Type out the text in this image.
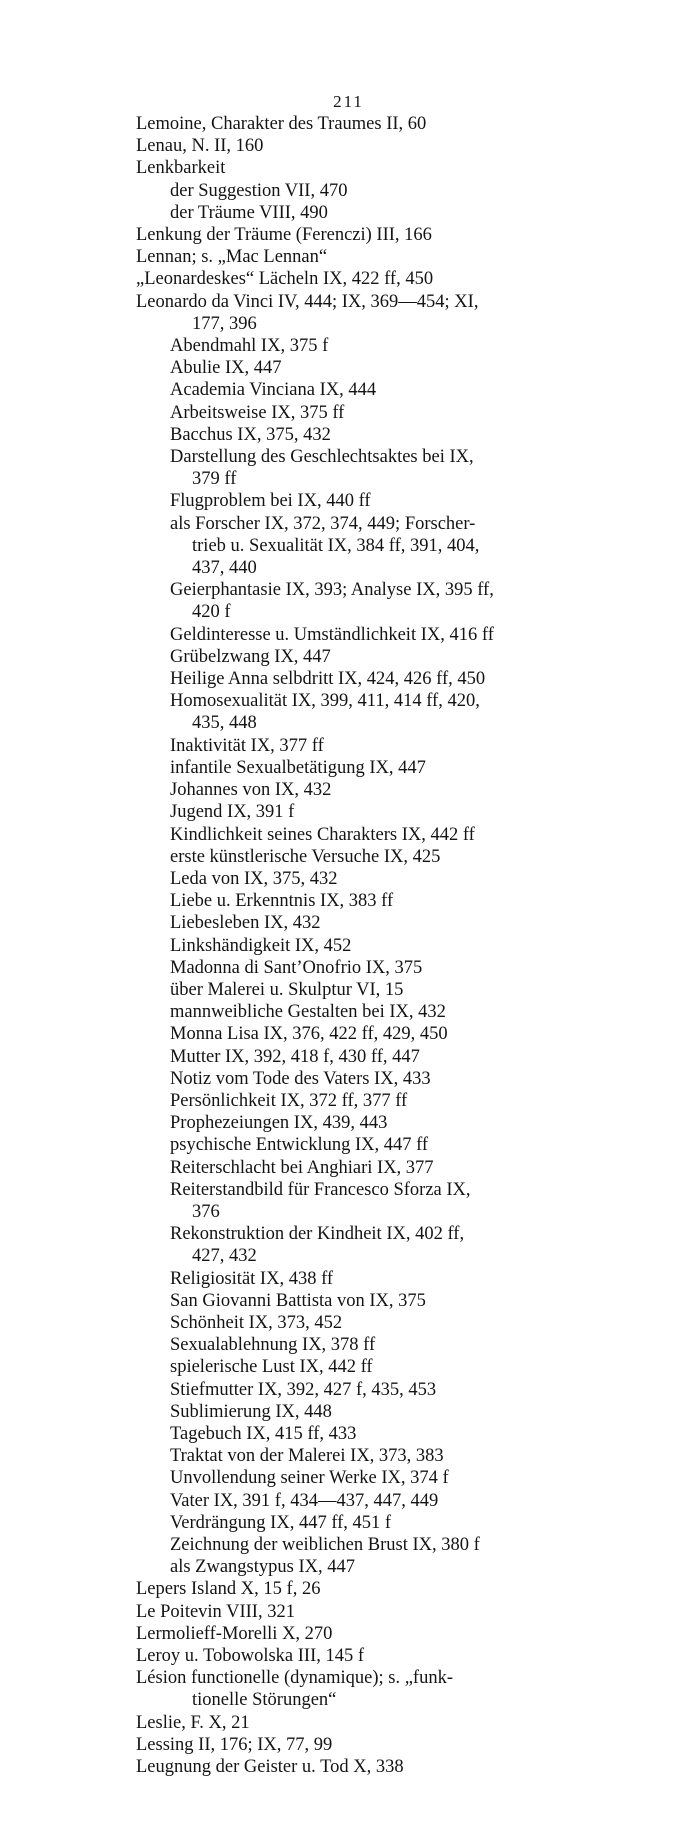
211
Lemoine, Charakter des Traumes II, 60
Lenau, N. II, 160
Lenkbarkeit
der Suggestion VII, 470
der Träume VIII, 490
Lenkung der Träume (Ferenczi) III, 166
Lennan; s. „Mac Lennan“
„Leonardeskes“ Lächeln IX, 422 ff, 450
Leonardo da Vinci IV, 444; IX, 369—454; XI,
177, 396
Abendmahl IX, 375 f
Abulie IX, 447
Academia Vinciana IX, 444
Arbeitsweise IX, 375 ff
Bacchus IX, 375, 432
Darstellung des Geschlechtsaktes bei IX,
379 ff
Flugproblem bei IX, 440 ff
als Forscher IX, 372, 374, 449; Forscher-
trieb u. Sexualität IX, 384 ff, 391, 404,
437, 440
Geierphantasie IX, 393; Analyse IX, 395 ff,
420 f
Geldinteresse u. Umständlichkeit IX, 416 ff
Grübelzwang IX, 447
Heilige Anna selbdritt IX, 424, 426 ff, 450
Homosexualität IX, 399, 411, 414 ff, 420,
435, 448
Inaktivität IX, 377 ff
infantile Sexualbetätigung IX, 447
Johannes von IX, 432
Jugend IX, 391 f
Kindlichkeit seines Charakters IX, 442 ff
erste künstlerische Versuche IX, 425
Leda von IX, 375, 432
Liebe u. Erkenntnis IX, 383 ff
Liebesleben IX, 432
Linkshändigkeit IX, 452
Madonna di Sant’Onofrio IX, 375
über Malerei u. Skulptur VI, 15
mannweibliche Gestalten bei IX, 432
Monna Lisa IX, 376, 422 ff, 429, 450
Mutter IX, 392, 418 f, 430 ff, 447
Notiz vom Tode des Vaters IX, 433
Persönlichkeit IX, 372 ff, 377 ff
Prophezeiungen IX, 439, 443
psychische Entwicklung IX, 447 ff
Reiterschlacht bei Anghiari IX, 377
Reiterstandbild für Francesco Sforza IX,
376
Rekonstruktion der Kindheit IX, 402 ff,
427, 432
Religiosität IX, 438 ff
San Giovanni Battista von IX, 375
Schönheit IX, 373, 452
Sexualablehnung IX, 378 ff
spielerische Lust IX, 442 ff
Stiefmutter IX, 392, 427 f, 435, 453
Sublimierung IX, 448
Tagebuch IX, 415 ff, 433
Traktat von der Malerei IX, 373, 383
Unvollendung seiner Werke IX, 374 f
Vater IX, 391 f, 434—437, 447, 449
Verdrängung IX, 447 ff, 451 f
Zeichnung der weiblichen Brust IX, 380 f
als Zwangstypus IX, 447
Lepers Island X, 15 f, 26
Le Poitevin VIII, 321
Lermolieff-Morelli X, 270
Leroy u. Tobowolska III, 145 f
Lésion functionelle (dynamique); s. „funk-
tionelle Störungen“
Leslie, F. X, 21
Lessing II, 176; IX, 77, 99
Leugnung der Geister u. Tod X, 338
